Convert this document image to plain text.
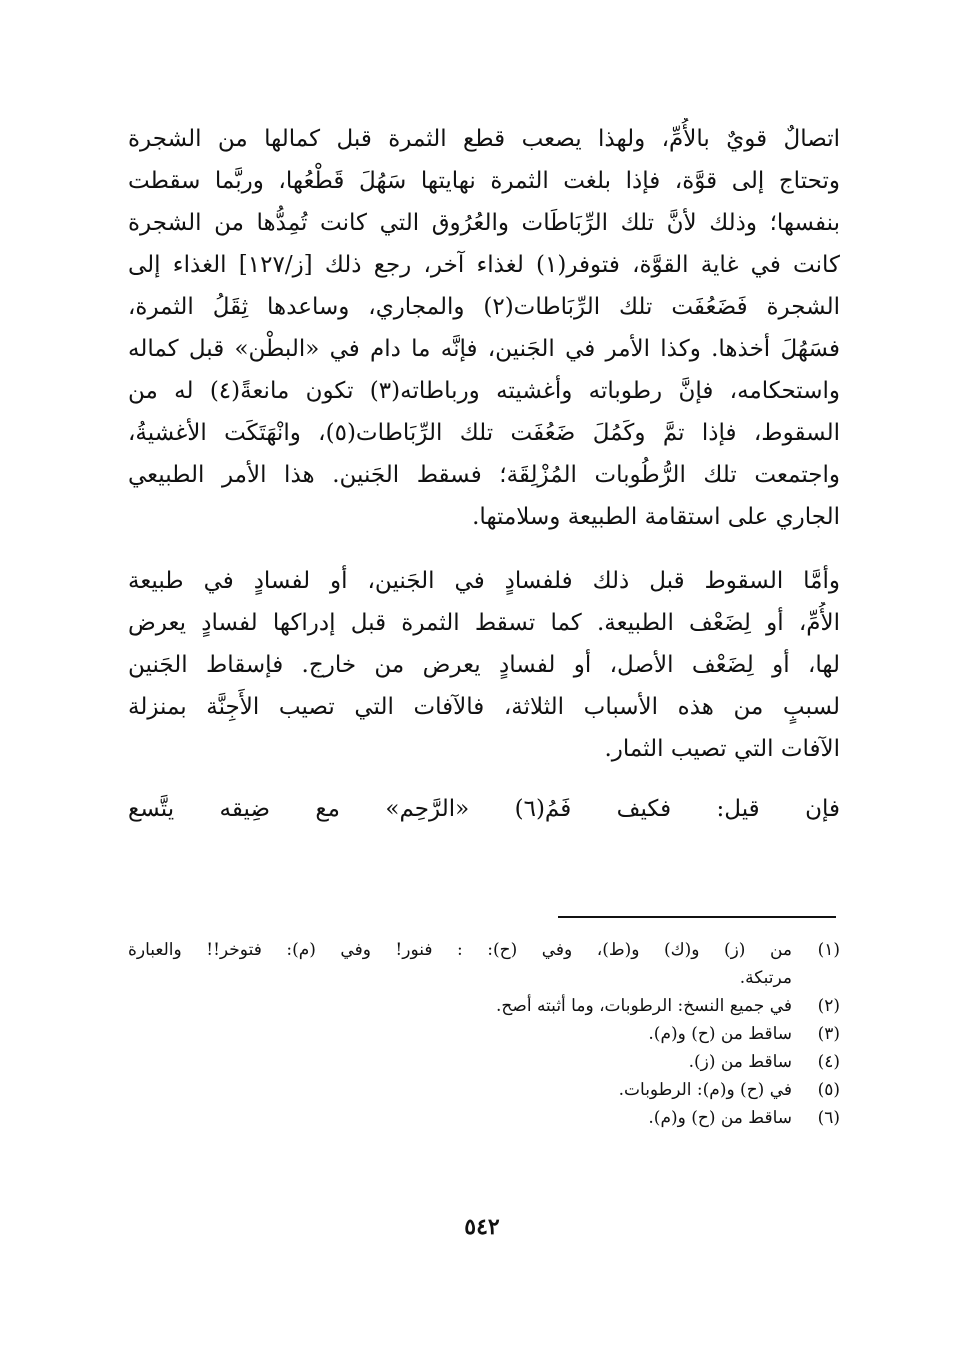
اتصالٌ قويٌ بالأُمِّ، ولهذا يصعب قطع الثمرة قبل كمالها من الشجرة
وتحتاج إلى قوَّة، فإذا بلغت الثمرة نهايتها سَهُلَ قَطْعُها، وربَّما سقطت
بنفسها؛ وذلك لأنَّ تلك الرِّبَاطَات والعُرُوق التي كانت تُمِدُّها من الشجرة
كانت في غاية القوَّة، فتوفر(١) لغذاء آخر، رجع ذلك [ز/١٢٧] الغذاء إلى
الشجرة فَضَعُفَت تلك الرِّبَاطات(٢) والمجاري، وساعدها ثِقَلُ الثمرة،
فسَهُلَ أخذها. وكذا الأمر في الجَنين، فإنَّه ما دام في «البطْن» قبل كماله
واستحكامه، فإنَّ رطوباته وأغشيته ورباطاته(٣) تكون مانعةً(٤) له من
السقوط، فإذا تمَّ وكَمُلَ ضَعُفَت تلك الرِّبَاطات(٥)، وانْهَتَكَت الأغشيةُ،
واجتمعت تلك الرُّطُوبات المُزْلِقَة؛ فسقط الجَنين. هذا الأمر الطبيعي
الجاري على استقامة الطبيعة وسلامتها.
وأمَّا السقوط قبل ذلك فلفسادٍ في الجَنين، أو لفسادٍ في طبيعة
الأُمِّ، أو لِضَعْف الطبيعة. كما تسقط الثمرة قبل إدراكها لفسادٍ يعرض
لها، أو لِضَعْف الأصل، أو لفسادٍ يعرض من خارج. فإسقاط الجَنين
لسببٍ من هذه الأسباب الثلاثة، فالآفات التي تصيب الأَجِنَّة بمنزلة
الآفات التي تصيب الثمار.
فإن قيل: فكيف فَمُ(٦) «الرَّحِم» مع ضِيقه يتَّسع
(١)
من (ز) و(ك) و(ط)، وفي (ح): : فنور! وفي (م): فتوخر!! والعبارة
مرتبكة.
(٢)
في جميع النسخ: الرطوبات، وما أثبته أصح.
(٣)
ساقط من (ح) و(م).
(٤)
ساقط من (ز).
(٥)
في (ح) و(م): الرطوبات.
(٦)
ساقط من (ح) و(م).
٥٤٢
